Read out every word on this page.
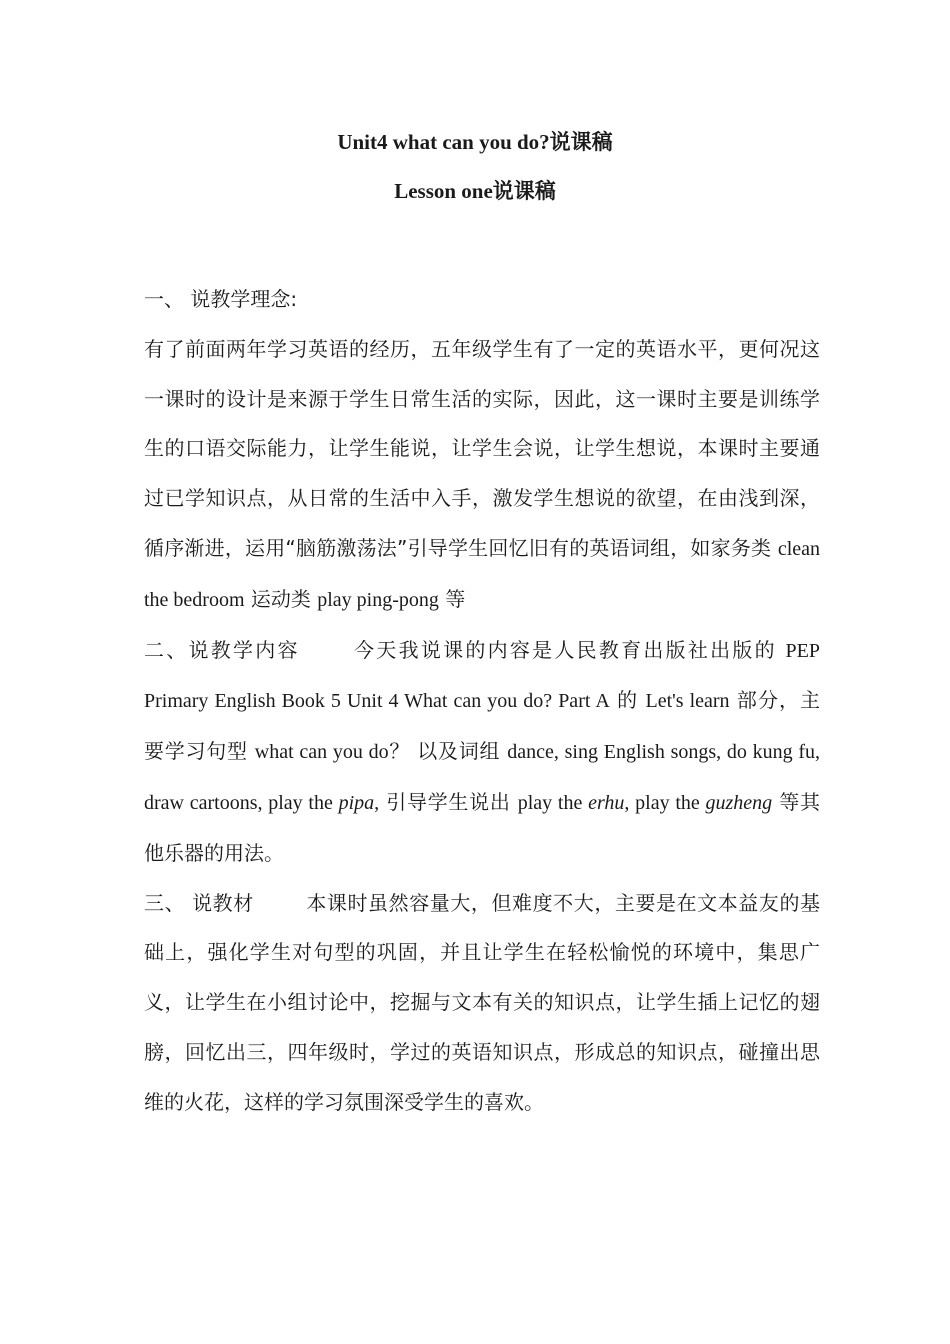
Unit4 what can you do?说课稿
Lesson one说课稿

一、 说教学理念:

有了前面两年学习英语的经历，五年级学生有了一定的英语水平，更何况这一课时的设计是来源于学生日常生活的实际，因此，这一课时主要是训练学生的口语交际能力，让学生能说，让学生会说，让学生想说，本课时主要通过已学知识点，从日常的生活中入手，激发学生想说的欲望，在由浅到深，循序渐进，运用“脑筋激荡法”引导学生回忆旧有的英语词组，如家务类 clean the bedroom 运动类 play ping-pong 等

二、说教学内容	今天我说课的内容是人民教育出版社出版的 PEP Primary English Book 5 Unit 4 What can you do? Part A 的 Let's learn 部分，主要学习句型 what can you do？ 以及词组 dance, sing English songs, do kung fu, draw cartoons, play the pipa, 引导学生说出 play the erhu, play the guzheng 等其他乐器的用法。

三、 说教材	本课时虽然容量大，但难度不大，主要是在文本益友的基础上，强化学生对句型的巩固，并且让学生在轻松愉悦的环境中，集思广义，让学生在小组讨论中，挖掘与文本有关的知识点，让学生插上记忆的翅膀，回忆出三，四年级时，学过的英语知识点，形成总的知识点，碰撞出思维的火花，这样的学习氛围深受学生的喜欢。
